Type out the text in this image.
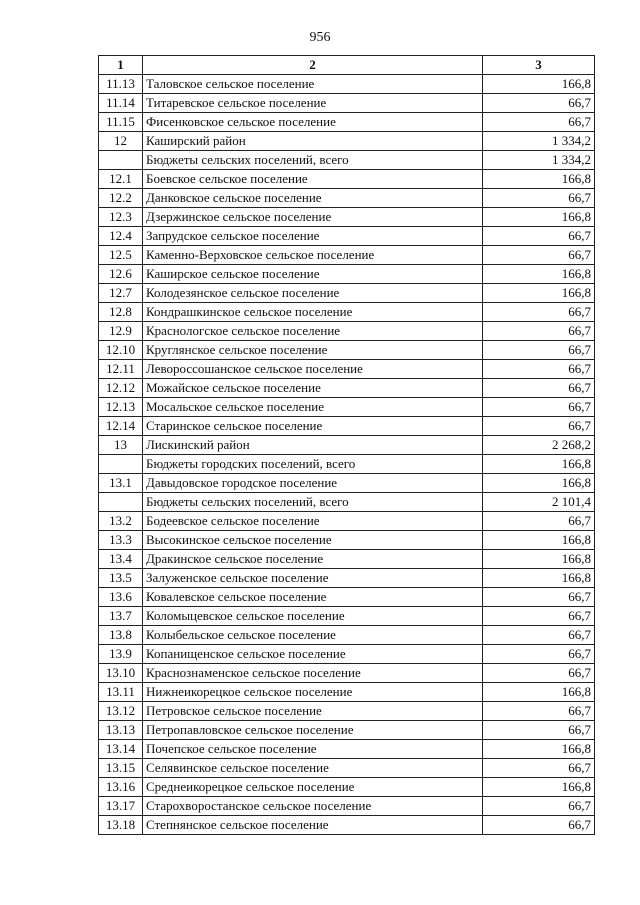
956
1	2	3
11.13	Таловское сельское поселение	166,8
11.14	Титаревское сельское поселение	66,7
11.15	Фисенковское сельское поселение	66,7
12	Каширский район	1 334,2
	Бюджеты сельских поселений, всего	1 334,2
12.1	Боевское сельское поселение	166,8
12.2	Данковское сельское поселение	66,7
12.3	Дзержинское сельское поселение	166,8
12.4	Запрудское сельское поселение	66,7
12.5	Каменно-Верховское сельское поселение	66,7
12.6	Каширское сельское поселение	166,8
12.7	Колодезянское сельское поселение	166,8
12.8	Кондрашкинское сельское поселение	66,7
12.9	Краснологское сельское поселение	66,7
12.10	Круглянское сельское поселение	66,7
12.11	Левороссошанское сельское поселение	66,7
12.12	Можайское сельское поселение	66,7
12.13	Мосальское сельское поселение	66,7
12.14	Старинское сельское поселение	66,7
13	Лискинский район	2 268,2
	Бюджеты городских поселений, всего	166,8
13.1	Давыдовское городское поселение	166,8
	Бюджеты сельских поселений, всего	2 101,4
13.2	Бодеевское сельское поселение	66,7
13.3	Высокинское сельское поселение	166,8
13.4	Дракинское сельское поселение	166,8
13.5	Залуженское сельское поселение	166,8
13.6	Ковалевское сельское поселение	66,7
13.7	Коломыцевское сельское поселение	66,7
13.8	Колыбельское сельское поселение	66,7
13.9	Копанищенское сельское поселение	66,7
13.10	Краснознаменское сельское поселение	66,7
13.11	Нижнеикорецкое сельское поселение	166,8
13.12	Петровское сельское поселение	66,7
13.13	Петропавловское сельское поселение	66,7
13.14	Почепское сельское поселение	166,8
13.15	Селявинское сельское поселение	66,7
13.16	Среднеикорецкое сельское поселение	166,8
13.17	Старохворостанское сельское поселение	66,7
13.18	Степнянское сельское поселение	66,7
